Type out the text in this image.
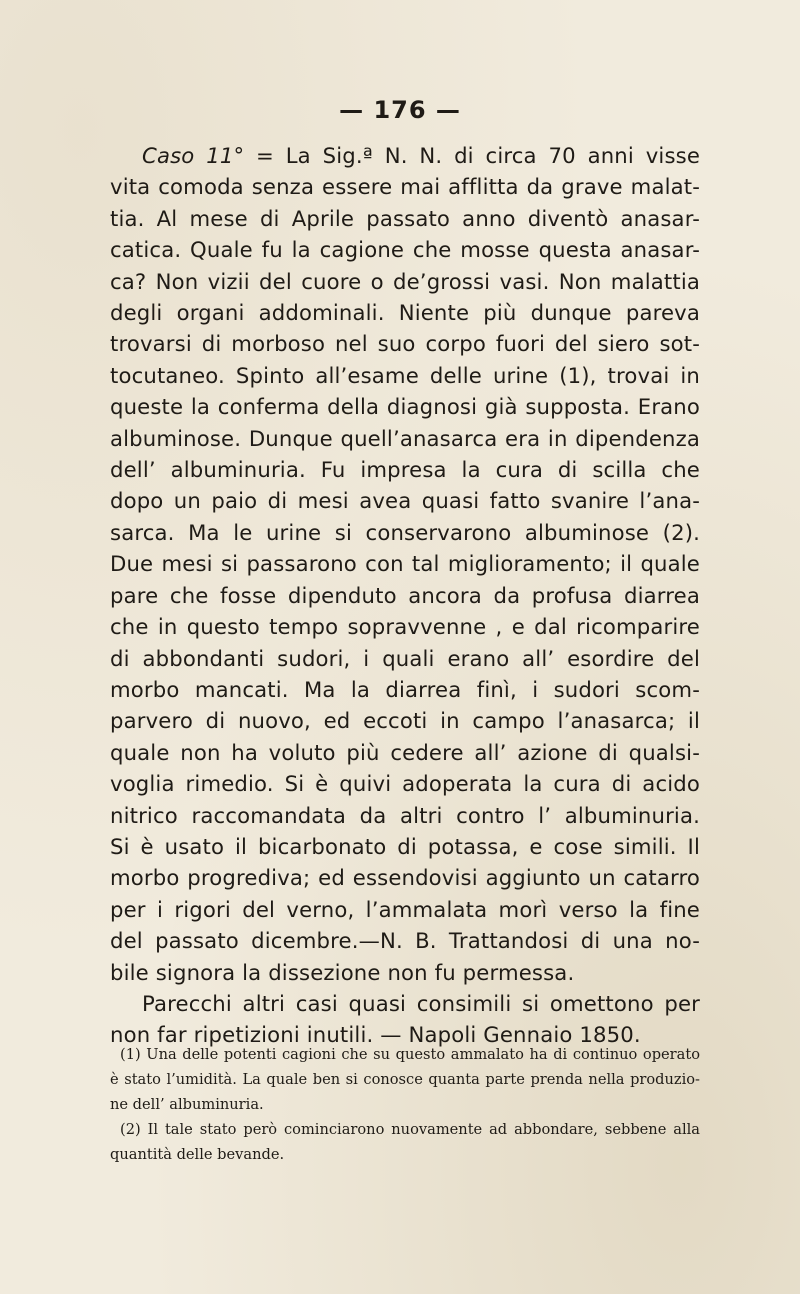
— 176 —
Caso 11° = La Sig.ª N. N. di circa 70 anni visse
vita comoda senza essere mai afflitta da grave malat-
tia. Al mese di Aprile passato anno diventò anasar-
catica. Quale fu la cagione che mosse questa anasar-
ca? Non vizii del cuore o de’grossi vasi. Non malattia
degli organi addominali. Niente più dunque pareva
trovarsi di morboso nel suo corpo fuori del siero sot-
tocutaneo. Spinto all’esame delle urine (1), trovai in
queste la conferma della diagnosi già supposta. Erano
albuminose. Dunque quell’anasarca era in dipendenza
dell’ albuminuria. Fu impresa la cura di scilla che
dopo un paio di mesi avea quasi fatto svanire l’ana-
sarca. Ma le urine si conservarono albuminose (2).
Due mesi si passarono con tal miglioramento; il quale
pare che fosse dipenduto ancora da profusa diarrea
che in questo tempo sopravvenne , e dal ricomparire
di abbondanti sudori, i quali erano all’ esordire del
morbo mancati. Ma la diarrea finì, i sudori scom-
parvero di nuovo, ed eccoti in campo l’anasarca; il
quale non ha voluto più cedere all’ azione di qualsi-
voglia rimedio. Si è quivi adoperata la cura di acido
nitrico raccomandata da altri contro l’ albuminuria.
Si è usato il bicarbonato di potassa, e cose simili. Il
morbo progrediva; ed essendovisi aggiunto un catarro
per i rigori del verno, l’ammalata morì verso la fine
del passato dicembre.—N. B. Trattandosi di una no-
bile signora la dissezione non fu permessa.
Parecchi altri casi quasi consimili si omettono per
non far ripetizioni inutili. — Napoli Gennaio 1850.
(1) Una delle potenti cagioni che su questo ammalato ha di continuo operato
è stato l’umidità. La quale ben si conosce quanta parte prenda nella produzio-
ne dell’ albuminuria.
(2) Il tale stato però cominciarono nuovamente ad abbondare, sebbene alla
quantità delle bevande.
